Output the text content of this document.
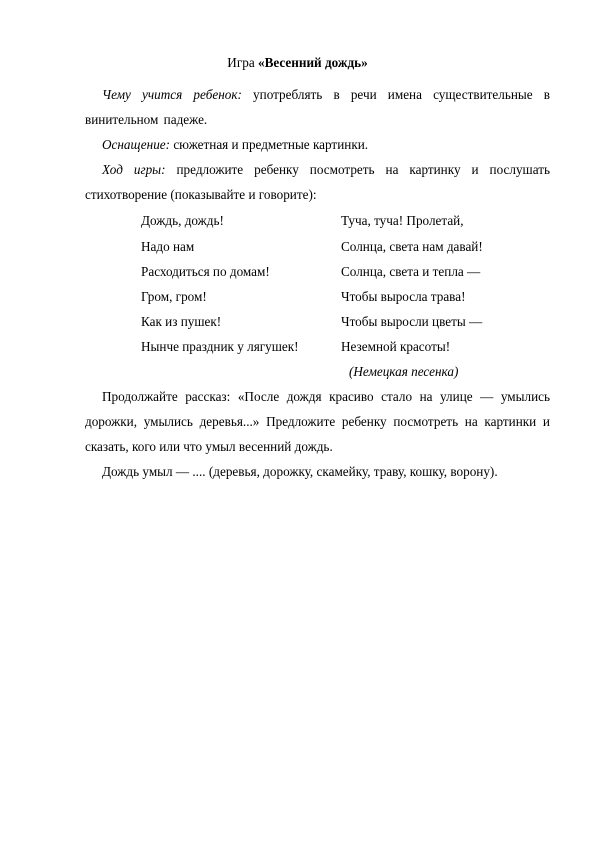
Игра «Весенний дождь»
Чему учится ребенок: употреблять в речи имена существительные в винительном падеже.
Оснащение: сюжетная и предметные картинки.
Ход игры: предложите ребенку посмотреть на картинку и послушать стихотворение (показывайте и говорите):
Дождь, дождь!
Надо нам
Расходиться по домам!
Гром, гром!
Как из пушек!
Нынче праздник у лягушек!
Туча, туча! Пролетай,
Солнца, света нам давай!
Солнца, света и тепла —
Чтобы выросла трава!
Чтобы выросли цветы —
Неземной красоты!
(Немецкая песенка)
Продолжайте рассказ: «После дождя красиво стало на улице — умылись дорожки, умылись деревья...» Предложите ребенку посмотреть на картинки и сказать, кого или что умыл весенний дождь.
Дождь умыл — .... (деревья, дорожку, скамейку, траву, кошку, ворону).
